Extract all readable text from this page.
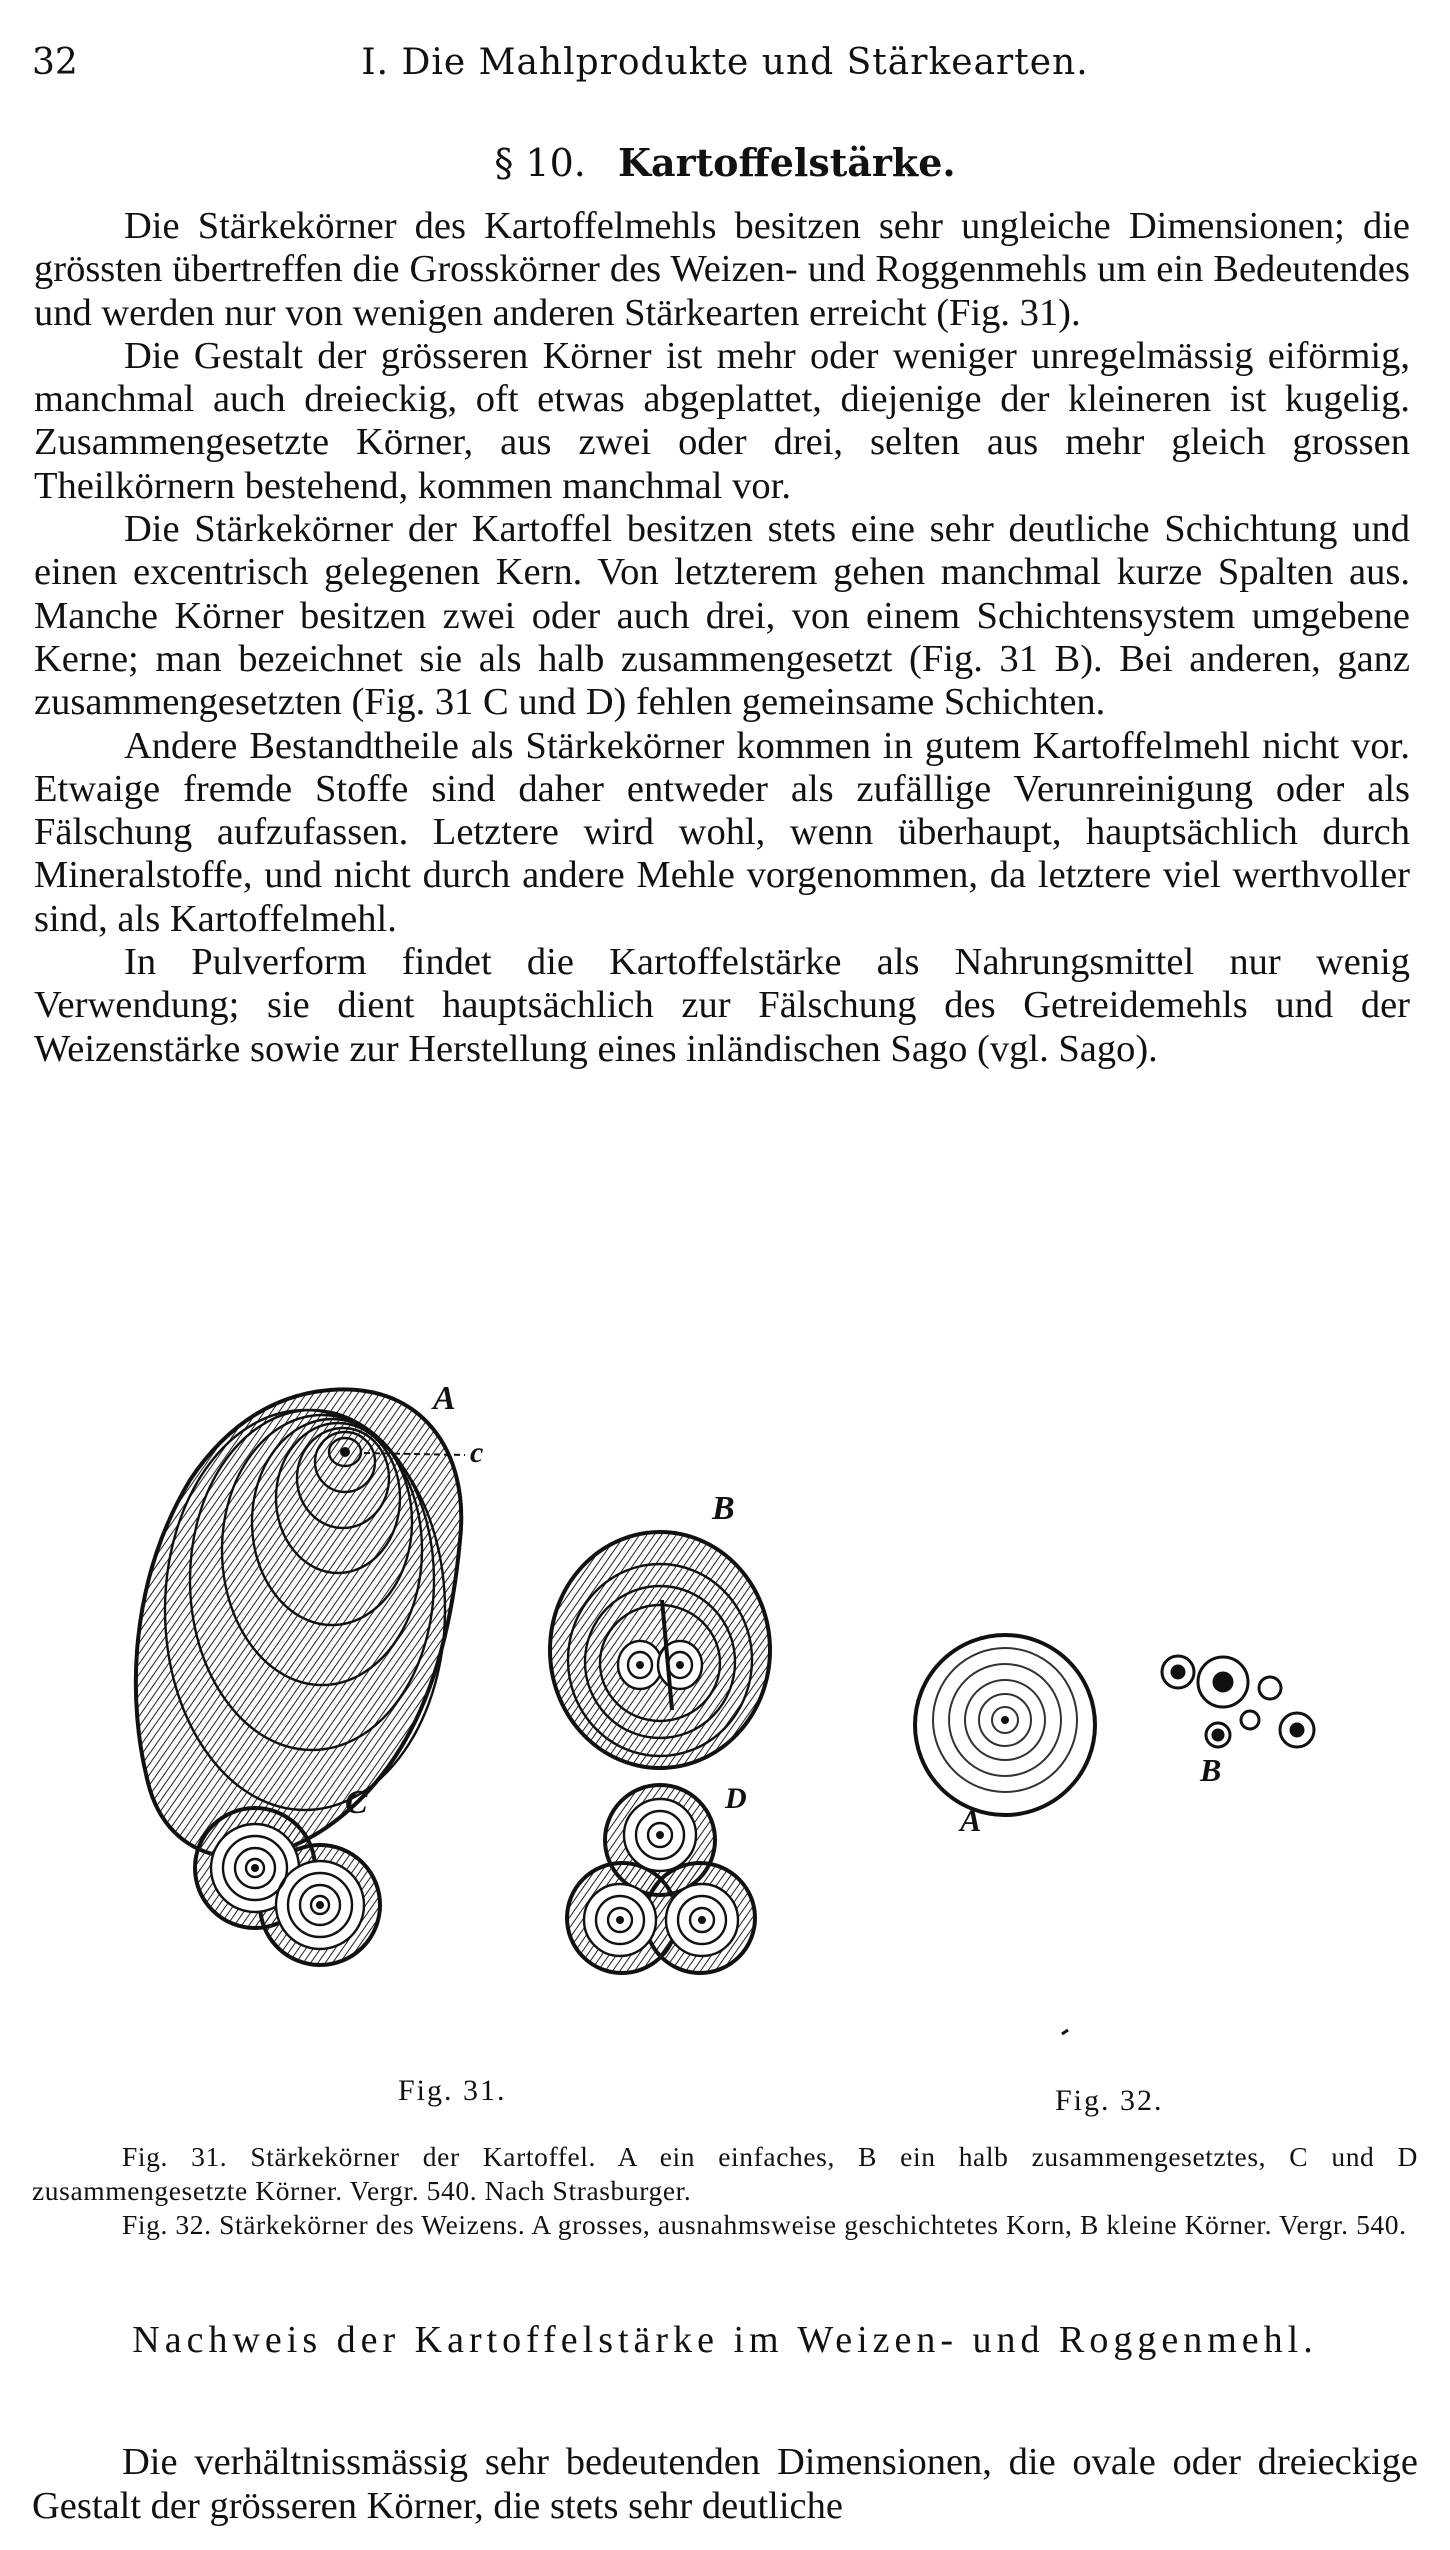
32	I. Die Mahlprodukte und Stärkearten.
§ 10. Kartoffelstärke.

Die Stärkekörner des Kartoffelmehls besitzen sehr ungleiche Dimensionen; die grössten übertreffen die Grosskörner des Weizen- und Roggenmehls um ein Bedeutendes und werden nur von wenigen anderen Stärkearten erreicht (Fig. 31).

Die Gestalt der grösseren Körner ist mehr oder weniger unregelmässig eiförmig, manchmal auch dreieckig, oft etwas abgeplattet, diejenige der kleineren ist kugelig. Zusammengesetzte Körner, aus zwei oder drei, selten aus mehr gleich grossen Theilkörnern bestehend, kommen manchmal vor.

Die Stärkekörner der Kartoffel besitzen stets eine sehr deutliche Schichtung und einen excentrisch gelegenen Kern. Von letzterem gehen manchmal kurze Spalten aus. Manche Körner besitzen zwei oder auch drei, von einem Schichtensystem umgebene Kerne; man bezeichnet sie als halb zusammengesetzt (Fig. 31 B). Bei anderen, ganz zusammengesetzten (Fig. 31 C und D) fehlen gemeinsame Schichten.

Andere Bestandtheile als Stärkekörner kommen in gutem Kartoffelmehl nicht vor. Etwaige fremde Stoffe sind daher entweder als zufällige Verunreinigung oder als Fälschung aufzufassen. Letztere wird wohl, wenn überhaupt, hauptsächlich durch Mineralstoffe, und nicht durch andere Mehle vorgenommen, da letztere viel werthvoller sind, als Kartoffelmehl.

In Pulverform findet die Kartoffelstärke als Nahrungsmittel nur wenig Verwendung; sie dient hauptsächlich zur Fälschung des Getreidemehls und der Weizenstärke sowie zur Herstellung eines inländischen Sago (vgl. Sago).

A
c
B
C	D
A
B
Fig. 31.	Fig. 32.

Fig. 31. Stärkekörner der Kartoffel. A ein einfaches, B ein halb zusammengesetztes, C und D zusammengesetzte Körner. Vergr. 540. Nach Strasburger.

Fig. 32. Stärkekörner des Weizens. A grosses, ausnahmsweise geschichtetes Korn, B kleine Körner. Vergr. 540.

Nachweis der Kartoffelstärke im Weizen- und Roggenmehl.

Die verhältnissmässig sehr bedeutenden Dimensionen, die ovale oder dreieckige Gestalt der grösseren Körner, die stets sehr deutliche
